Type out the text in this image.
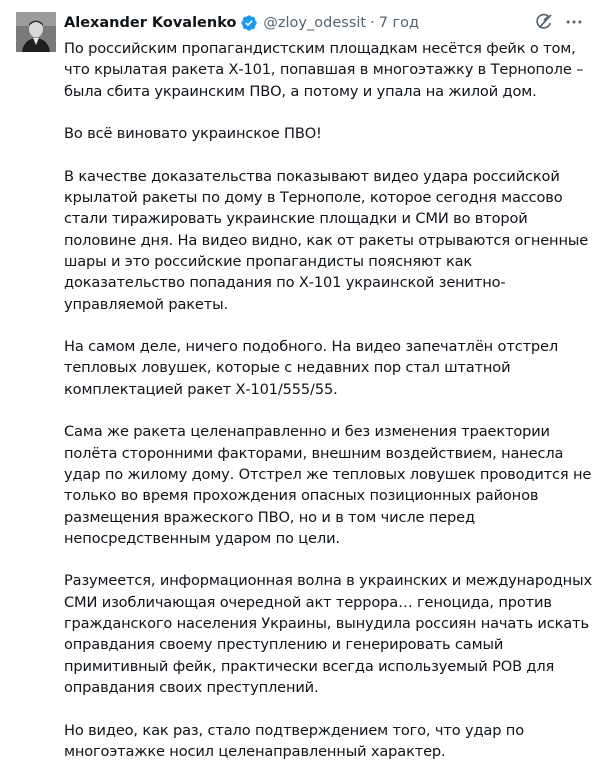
Alexander Kovalenko @zloy_odessit · 7 год

По российским пропагандистским площадкам несётся фейк о том, что крылатая ракета Х-101, попавшая в многоэтажку в Тернополе – была сбита украинским ПВО, а потому и упала на жилой дом.

Во всё виновато украинское ПВО!

В качестве доказательства показывают видео удара российской крылатой ракеты по дому в Тернополе, которое сегодня массово стали тиражировать украинские площадки и СМИ во второй половине дня. На видео видно, как от ракеты отрываются огненные шары и это российские пропагандисты поясняют как доказательство попадания по Х-101 украинской зенитно-управляемой ракеты.

На самом деле, ничего подобного. На видео запечатлён отстрел тепловых ловушек, которые с недавних пор стал штатной комплектацией ракет Х-101/555/55.

Сама же ракета целенаправленно и без изменения траектории полёта сторонними факторами, внешним воздействием, нанесла удар по жилому дому. Отстрел же тепловых ловушек проводится не только во время прохождения опасных позиционных районов размещения вражеского ПВО, но и в том числе перед непосредственным ударом по цели.

Разумеется, информационная волна в украинских и международных СМИ изобличающая очередной акт террора… геноцида, против гражданского населения Украины, вынудила россиян начать искать оправдания своему преступлению и генерировать самый примитивный фейк, практически всегда используемый РОВ для оправдания своих преступлений.

Но видео, как раз, стало подтверждением того, что удар по многоэтажке носил целенаправленный характер.
